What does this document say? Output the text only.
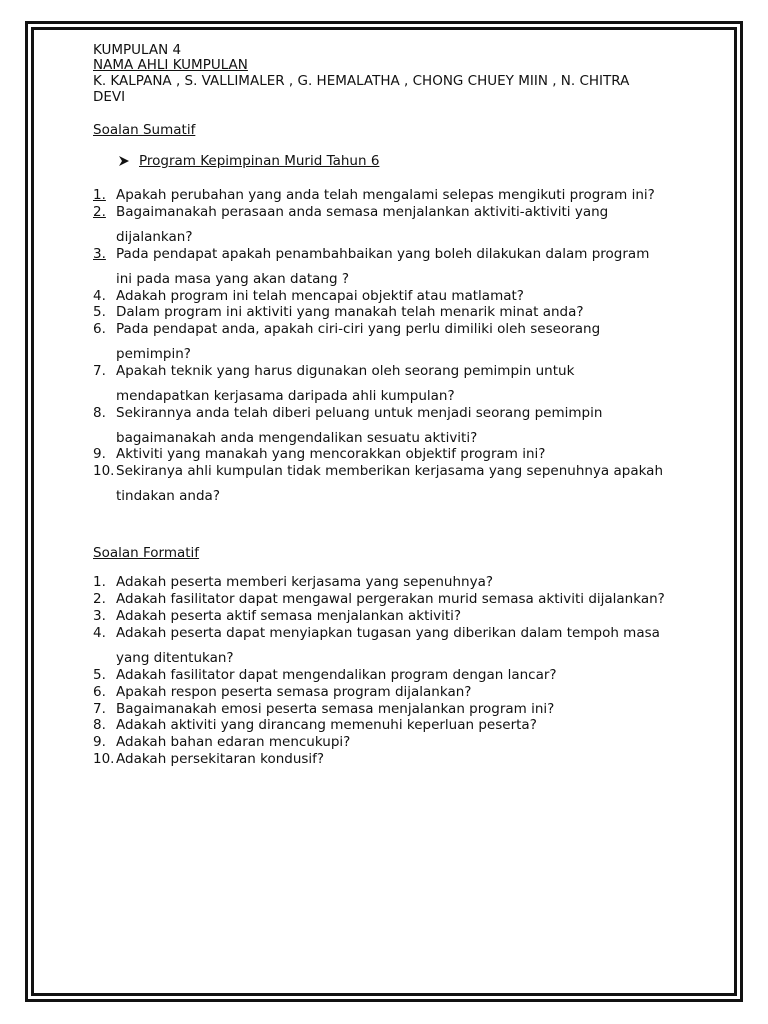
KUMPULAN 4
NAMA AHLI KUMPULAN
K. KALPANA , S. VALLIMALER , G. HEMALATHA , CHONG CHUEY MIIN , N. CHITRA
DEVI
Soalan Sumatif
Program Kepimpinan Murid Tahun 6
1. Apakah perubahan yang anda telah mengalami selepas mengikuti program ini?
2. Bagaimanakah perasaan anda semasa menjalankan aktiviti-aktiviti yang
dijalankan?
3. Pada pendapat apakah penambahbaikan yang boleh dilakukan dalam program
ini pada masa yang akan datang ?
4. Adakah program ini telah mencapai objektif atau matlamat?
5. Dalam program ini aktiviti yang manakah telah menarik minat anda?
6. Pada pendapat anda, apakah ciri-ciri yang perlu dimiliki oleh seseorang
pemimpin?
7. Apakah teknik yang harus digunakan oleh seorang pemimpin untuk
mendapatkan kerjasama daripada ahli kumpulan?
8. Sekirannya anda telah diberi peluang untuk menjadi seorang pemimpin
bagaimanakah anda mengendalikan sesuatu aktiviti?
9. Aktiviti yang manakah yang mencorakkan objektif program ini?
10. Sekiranya ahli kumpulan tidak memberikan kerjasama yang sepenuhnya apakah
tindakan anda?
Soalan Formatif
1. Adakah peserta memberi kerjasama yang sepenuhnya?
2. Adakah fasilitator dapat mengawal pergerakan murid semasa aktiviti dijalankan?
3. Adakah peserta aktif semasa menjalankan aktiviti?
4. Adakah peserta dapat menyiapkan tugasan yang diberikan dalam tempoh masa
yang ditentukan?
5. Adakah fasilitator dapat mengendalikan program dengan lancar?
6. Apakah respon peserta semasa program dijalankan?
7. Bagaimanakah emosi peserta semasa menjalankan program ini?
8. Adakah aktiviti yang dirancang memenuhi keperluan peserta?
9. Adakah bahan edaran mencukupi?
10. Adakah persekitaran kondusif?
